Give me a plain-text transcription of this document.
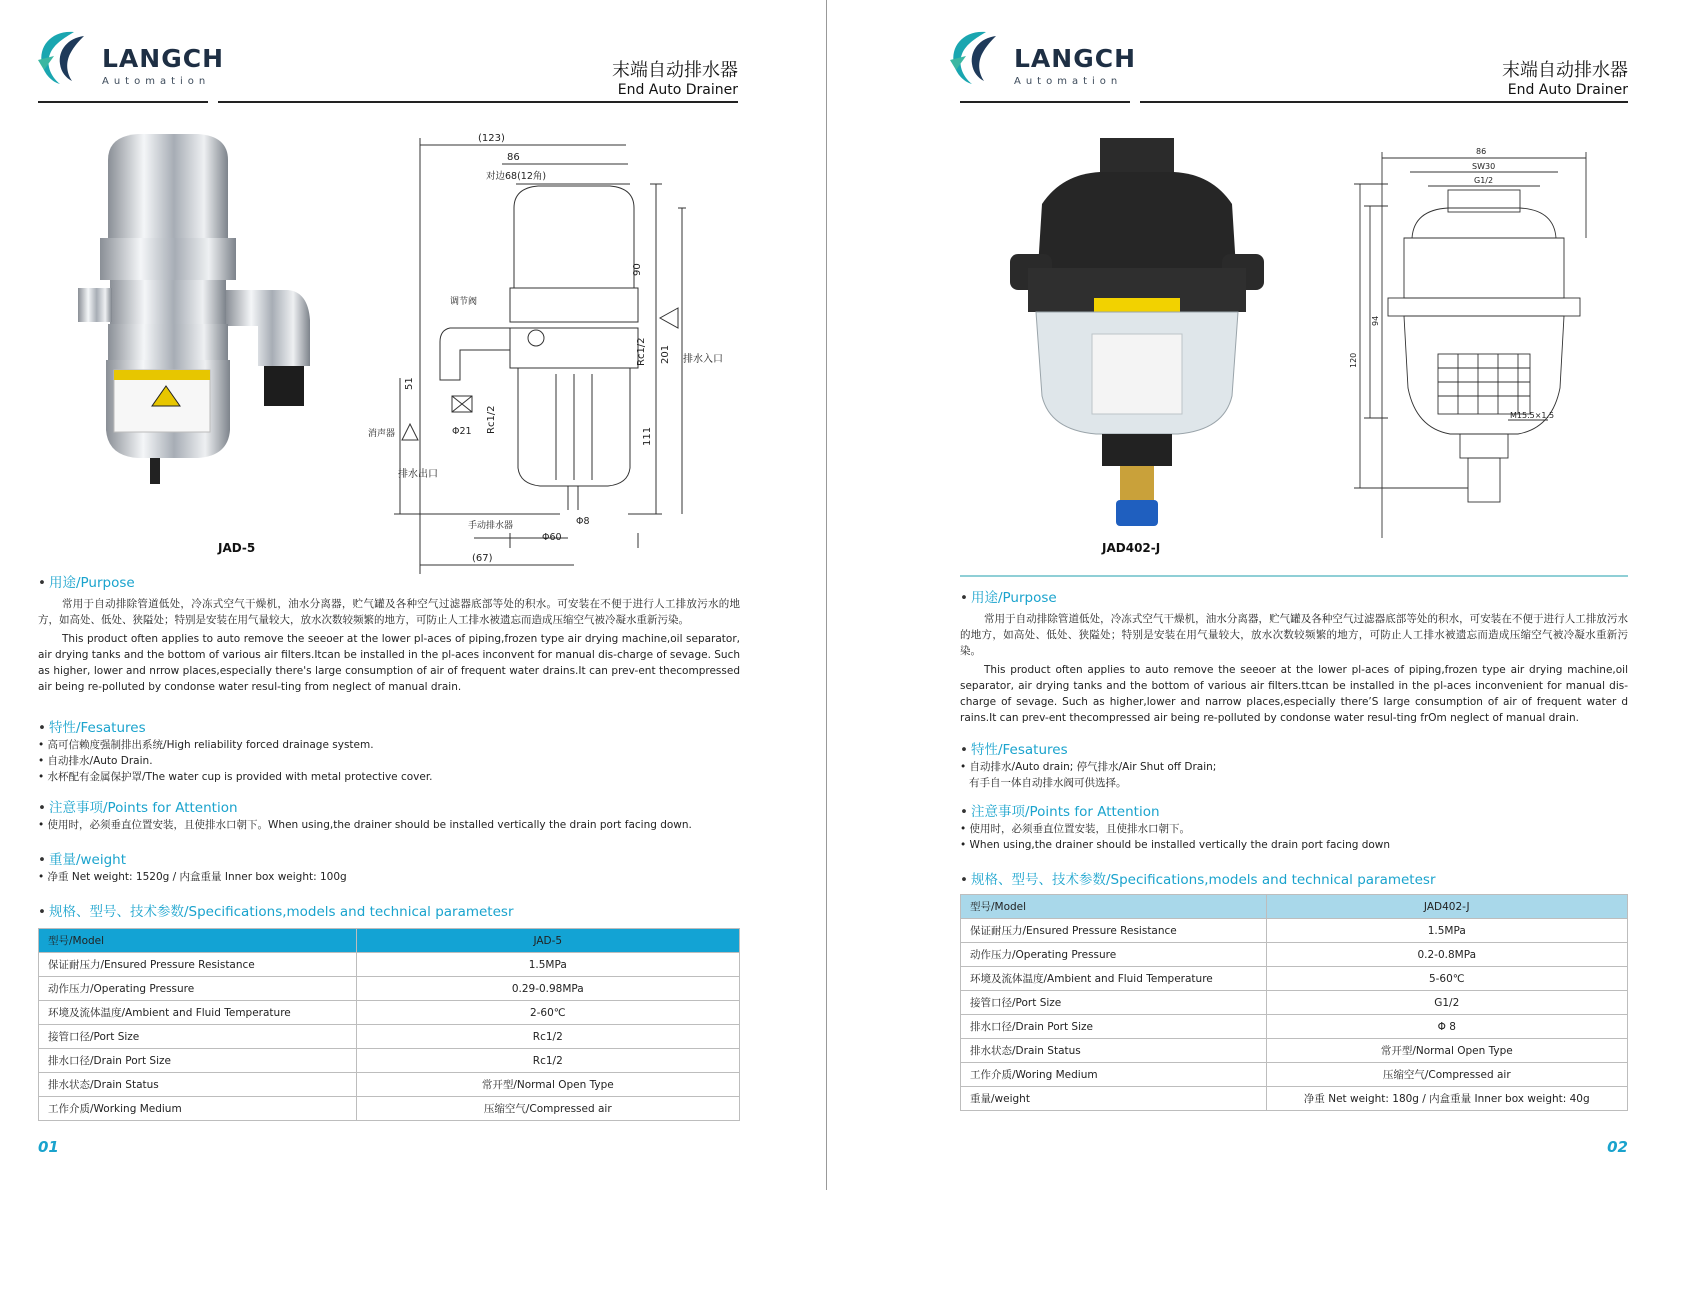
LANGCH
Automation
末端自动排水器
End Auto Drainer
JAD-5
(123)
86
对边68(12角)
90
201
51
111
Rc1/2
Rc1/2
Φ21
Φ8
Φ60
(67)
调节阀
消声器
排水入口
排水出口
手动排水器
• 用途/Purpose
常用于自动排除管道低处，冷冻式空气干燥机，油水分离器，贮气罐及各种空气过滤器底部等处的积水。可安装在不便于进行人工排放污水的地方，如高处、低处、狭隘处；特别是安装在用气量较大，放水次数较频繁的地方，可防止人工排水被遗忘而造成压缩空气被冷凝水重新污染。
This product often applies to auto remove the seeoer at the lower pl-aces of piping,frozen type air drying machine,oil separator, air drying tanks and the bottom of various air filters.Itcan be installed in the pl-aces inconvent for manual dis-charge of sevage. Such as higher, lower and nrrow places,especially there's large consumption of air of frequent water drains.It can prev-ent thecompressed air being re-polluted by condonse water resul-ting from neglect of manual drain.
• 特性/Fesatures
• 高可信赖度强制排出系统/High reliability forced drainage system.
• 自动排水/Auto Drain.
• 水杯配有金属保护罩/The water cup is provided with metal protective cover.
• 注意事项/Points for Attention
• 使用时，必须垂直位置安装，且使排水口朝下。When using,the drainer should be installed vertically the drain port facing down.
• 重量/weight
• 净重 Net weight: 1520g / 内盒重量 Inner box weight: 100g
• 规格、型号、技术参数/Specifications,models and technical parametesr
型号/Model	JAD-5
保证耐压力/Ensured Pressure Resistance	1.5MPa
动作压力/Operating Pressure	0.29-0.98MPa
环境及流体温度/Ambient and Fluid Temperature	2-60℃
接管口径/Port Size	Rc1/2
排水口径/Drain Port Size	Rc1/2
排水状态/Drain Status	常开型/Normal Open Type
工作介质/Working Medium	压缩空气/Compressed air
01
LANGCH
Automation
末端自动排水器
End Auto Drainer
JAD402-J
86
SW30
G1/2
94
120
M15.5×1.5
• 用途/Purpose
常用于自动排除管道低处，冷冻式空气干燥机，油水分离器，贮气罐及各种空气过滤器底部等处的积水，可安装在不便于进行人工排放污水的地方，如高处、低处、狭隘处；特别是安装在用气量较大，放水次数较频繁的地方，可防止人工排水被遗忘而造成压缩空气被冷凝水重新污染。
This product often applies to auto remove the seeoer at the lower pl-aces of piping,frozen type air drying machine,oil separator, air drying tanks and the bottom of various air filters.ttcan be installed in the pl-aces inconvenient for manual dis-charge of sevage. Such as higher,lower and narrow places,especially there’S large consumption of air of frequent water d rains.It can prev-ent thecompressed air being re-polluted by condonse water resul-ting frOm neglect of manual drain.
• 特性/Fesatures
• 自动排水/Auto drain; 停气排水/Air Shut off Drain;
有手自一体自动排水阀可供选择。
• 注意事项/Points for Attention
• 使用时，必须垂直位置安装，且使排水口朝下。
• When using,the drainer should be installed vertically the drain port facing down
• 规格、型号、技术参数/Specifications,models and technical parametesr
型号/Model	JAD402-J
保证耐压力/Ensured Pressure Resistance	1.5MPa
动作压力/Operating Pressure	0.2-0.8MPa
环境及流体温度/Ambient and Fluid Temperature	5-60℃
接管口径/Port Size	G1/2
排水口径/Drain Port Size	Φ 8
排水状态/Drain Status	常开型/Normal Open Type
工作介质/Woring Medium	压缩空气/Compressed air
重量/weight	净重 Net weight: 180g / 内盒重量 Inner box weight: 40g
02
